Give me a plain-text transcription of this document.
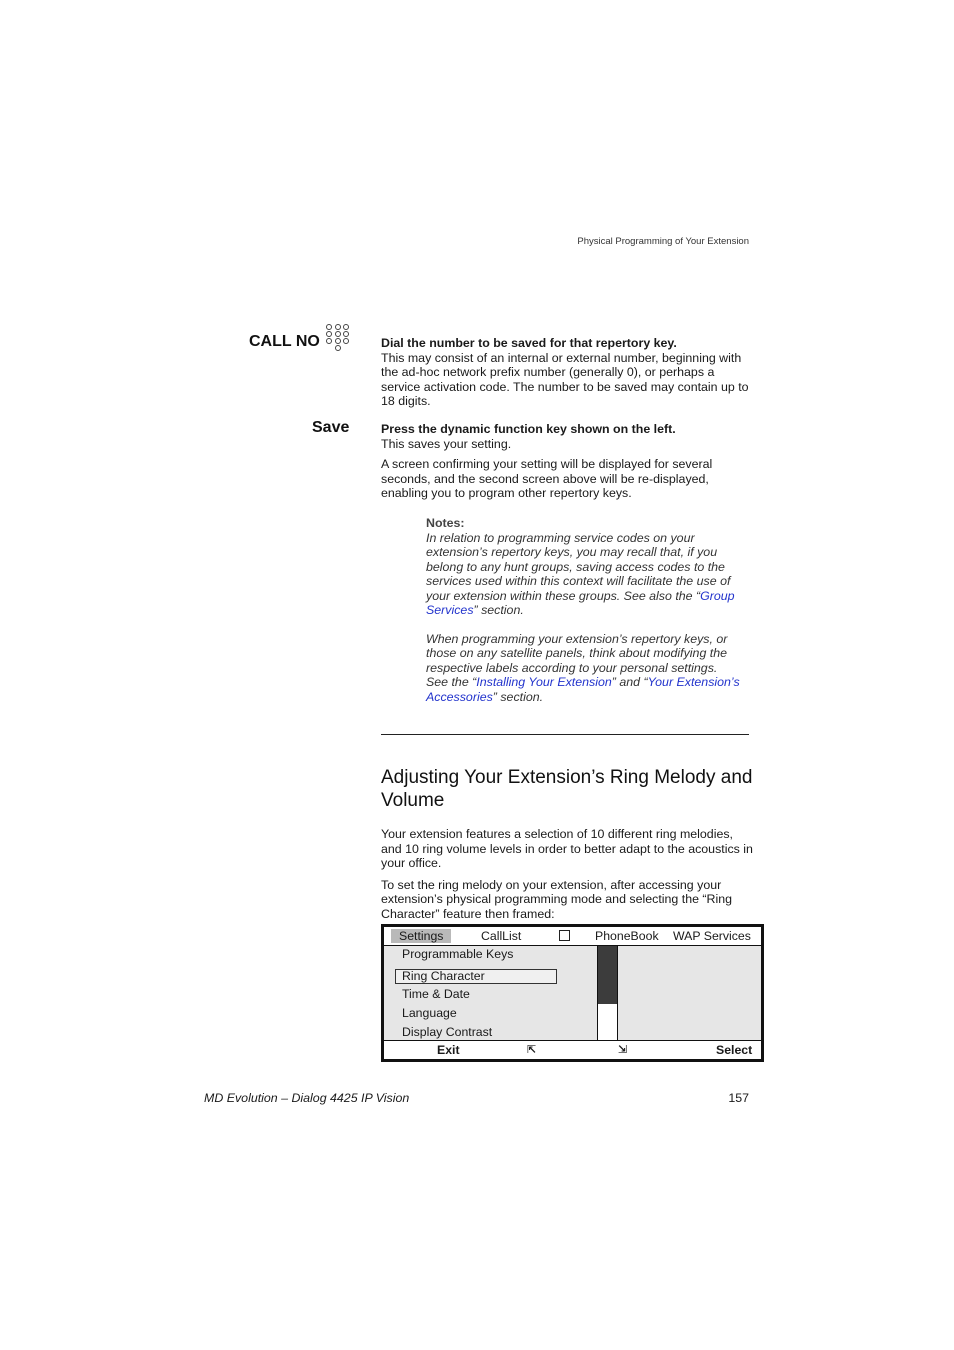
Physical Programming of Your Extension
CALL NO	Dial the number to be saved for that repertory key.

This may consist of an internal or external number, beginning with the ad-hoc network prefix number (generally 0), or perhaps a service activation code. The number to be saved may contain up to 18 digits.

Save	Press the dynamic function key shown on the left.

This saves your setting.

A screen confirming your setting will be displayed for several seconds, and the second screen above will be re-displayed, enabling you to program other repertory keys.

Notes:

In relation to programming service codes on your extension’s repertory keys, you may recall that, if you belong to any hunt groups, saving access codes to the services used within this context will facilitate the use of your extension within these groups. See also the “Group Services” section.

When programming your extension’s repertory keys, or those on any satellite panels, think about modifying the respective labels according to your personal settings. See the “Installing Your Extension” and “Your Extension’s Accessories” section.

Adjusting Your Extension’s Ring Melody and Volume

Your extension features a selection of 10 different ring melodies, and 10 ring volume levels in order to better adapt to the acoustics in your office.

To set the ring melody on your extension, after accessing your extension’s physical programming mode and selecting the “Ring Character” feature then framed:

Settings	CallList	PhoneBook WAP Services
Programmable Keys
Ring Character
Time & Date
Language
Display Contrast
Exit	⇱	⇲	Select
MD Evolution – Dialog 4425 IP Vision	157
